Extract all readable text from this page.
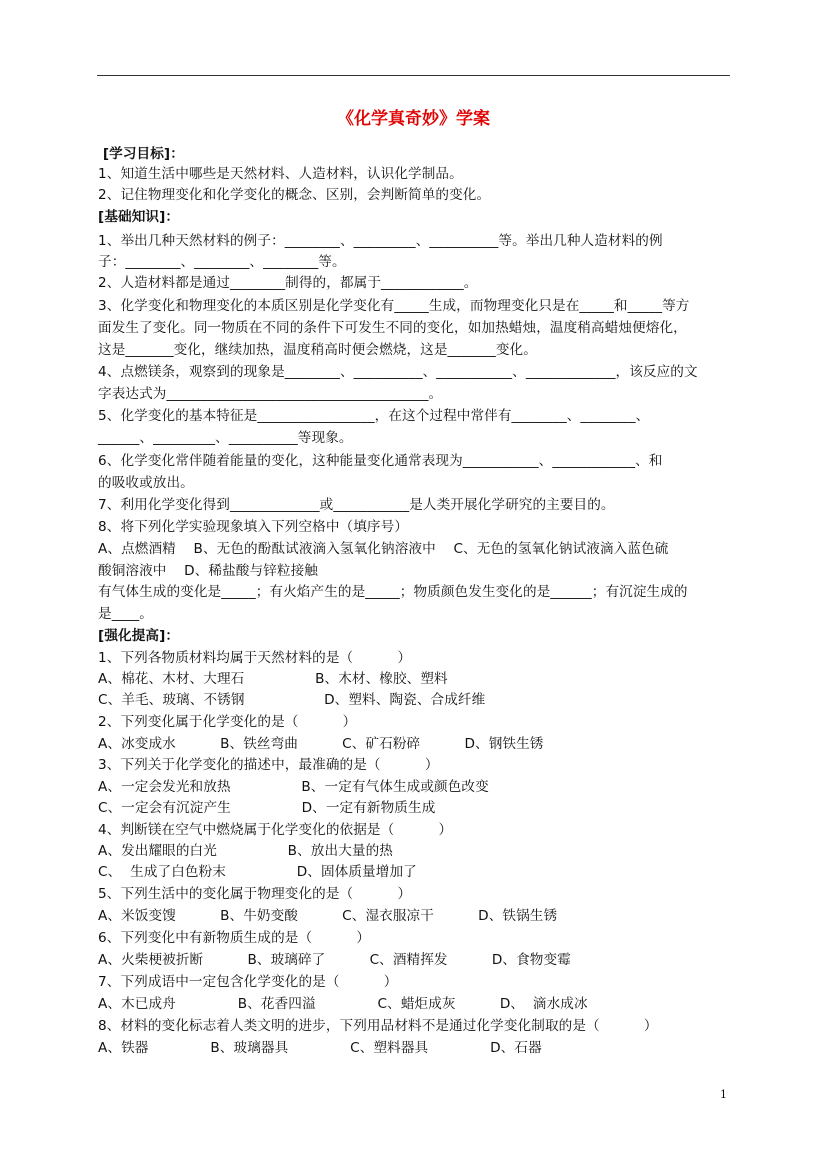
《化学真奇妙》学案
[学习目标]：
1、知道生活中哪些是天然材料、人造材料，认识化学制品。
2、记住物理变化和化学变化的概念、区别，会判断简单的变化。
[基础知识]：
1、举出几种天然材料的例子：________、_________、__________等。举出几种人造材料的例
子：________、________、________等。
2、人造材料都是通过________制得的，都属于____________。
3、化学变化和物理变化的本质区别是化学变化有_____生成，而物理变化只是在_____和_____等方
面发生了变化。同一物质在不同的条件下可发生不同的变化，如加热蜡烛，温度稍高蜡烛便熔化，
这是_______变化，继续加热，温度稍高时便会燃烧，这是_______变化。
4、点燃镁条，观察到的现象是________、__________、___________、_____________，该反应的文
字表达式为______________________________________。
5、化学变化的基本特征是_________________，在这个过程中常伴有________、________、
______、_________、__________等现象。
6、化学变化常伴随着能量的变化，这种能量变化通常表现为___________、____________、和
的吸收或放出。
7、利用化学变化得到_____________或___________是人类开展化学研究的主要目的。
8、将下列化学实验现象填入下列空格中（填序号）
A、点燃酒精    B、无色的酚酞试液滴入氢氧化钠溶液中    C、无色的氢氧化钠试液滴入蓝色硫
酸铜溶液中    D、稀盐酸与锌粒接触
有气体生成的变化是_____；有火焰产生的是_____；物质颜色发生变化的是______；有沉淀生成的
是____。
[强化提高]：
1、下列各物质材料均属于天然材料的是（          ）
A、棉花、木材、大理石                B、木材、橡胶、塑料
C、羊毛、玻璃、不锈钢                  D、塑料、陶瓷、合成纤维
2、下列变化属于化学变化的是（          ）
A、冰变成水          B、铁丝弯曲          C、矿石粉碎          D、钢铁生锈
3、下列关于化学变化的描述中，最准确的是（          ）
A、一定会发光和放热                B、一定有气体生成或颜色改变
C、一定会有沉淀产生                D、一定有新物质生成
4、判断镁在空气中燃烧属于化学变化的依据是（          ）
A、发出耀眼的白光                B、放出大量的热
C、  生成了白色粉末                D、固体质量增加了
5、下列生活中的变化属于物理变化的是（          ）
A、米饭变馊          B、牛奶变酸          C、湿衣服凉干          D、铁锅生锈
6、下列变化中有新物质生成的是（          ）
A、火柴梗被折断          B、玻璃碎了          C、酒精挥发          D、食物变霉
7、下列成语中一定包含化学变化的是（          ）
A、木已成舟              B、花香四溢              C、蜡炬成灰          D、  滴水成冰
8、材料的变化标志着人类文明的进步，下列用品材料不是通过化学变化制取的是（          ）
A、铁器              B、玻璃器具              C、塑料器具              D、石器
1
